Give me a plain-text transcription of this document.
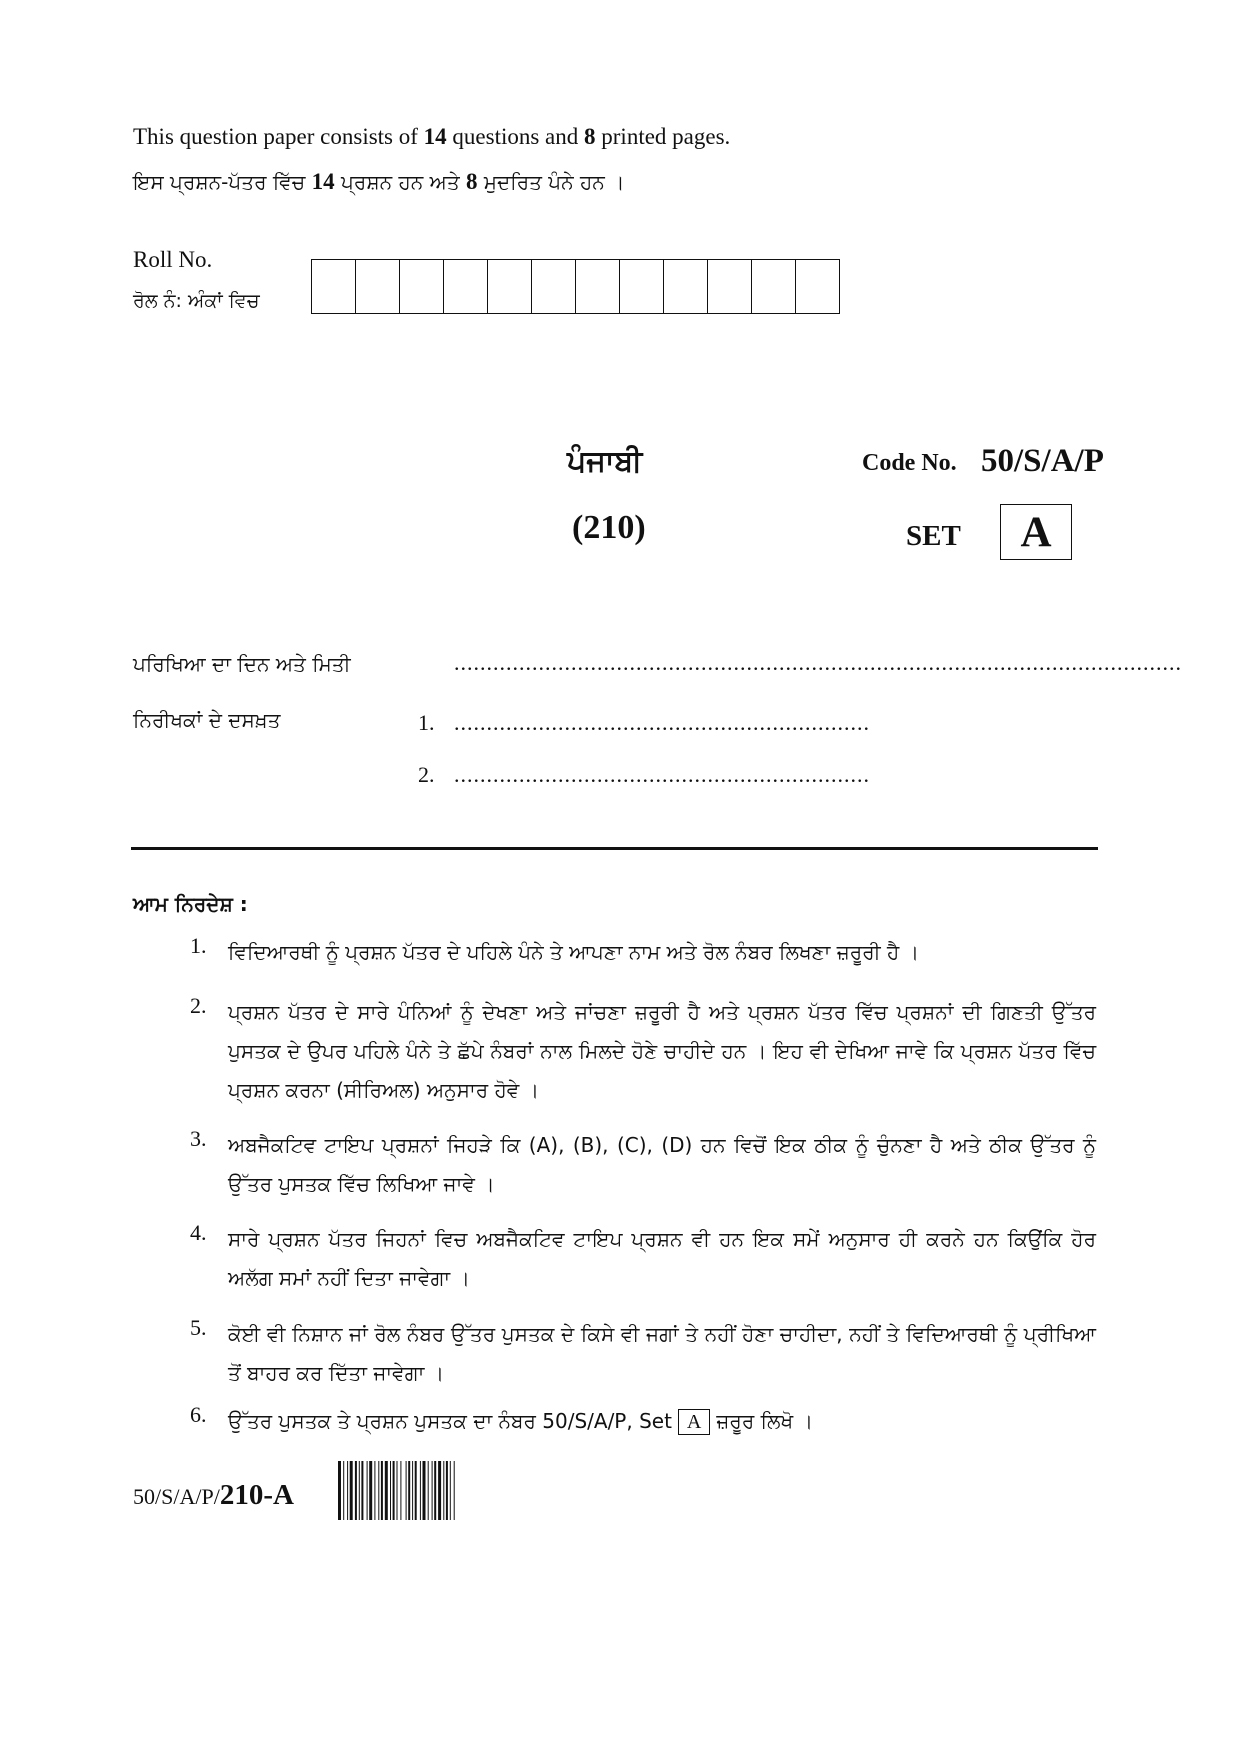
This question paper consists of 14 questions and 8 printed pages.
ਇਸ ਪ੍ਰਸ਼ਨ-ਪੱਤਰ ਵਿੱਚ 14 ਪ੍ਰਸ਼ਨ ਹਨ ਅਤੇ 8 ਮੁਦਰਿਤ ਪੰਨੇ ਹਨ ।
Roll No.
ਰੋਲ ਨੰ: ਅੰਕਾਂ ਵਿਚ
ਪੰਜਾਬੀ
(210)
Code No. 50/S/A/P
SET A
ਪਰਿਖਿਆ ਦਾ ਦਿਨ ਅਤੇ ਮਿਤੀ	................................................................................................................
ਨਿਰੀਖਕਾਂ ਦੇ ਦਸਖ਼ਤ	1. ................................................................
2. ................................................................
ਆਮ ਨਿਰਦੇਸ਼ :
1.	ਵਿਦਿਆਰਥੀ ਨੂੰ ਪ੍ਰਸ਼ਨ ਪੱਤਰ ਦੇ ਪਹਿਲੇ ਪੰਨੇ ਤੇ ਆਪਣਾ ਨਾਮ ਅਤੇ ਰੋਲ ਨੰਬਰ ਲਿਖਣਾ ਜ਼ਰੂਰੀ ਹੈ ।
2.	ਪ੍ਰਸ਼ਨ ਪੱਤਰ ਦੇ ਸਾਰੇ ਪੰਨਿਆਂ ਨੂੰ ਦੇਖਣਾ ਅਤੇ ਜਾਂਚਣਾ ਜ਼ਰੂਰੀ ਹੈ ਅਤੇ ਪ੍ਰਸ਼ਨ ਪੱਤਰ ਵਿੱਚ ਪ੍ਰਸ਼ਨਾਂ ਦੀ ਗਿਣਤੀ ਉੱਤਰ ਪੁਸਤਕ ਦੇ ਉਪਰ ਪਹਿਲੇ ਪੰਨੇ ਤੇ ਛੱਪੇ ਨੰਬਰਾਂ ਨਾਲ ਮਿਲਦੇ ਹੋਣੇ ਚਾਹੀਦੇ ਹਨ । ਇਹ ਵੀ ਦੇਖਿਆ ਜਾਵੇ ਕਿ ਪ੍ਰਸ਼ਨ ਪੱਤਰ ਵਿੱਚ ਪ੍ਰਸ਼ਨ ਕਰਨਾ (ਸੀਰਿਅਲ) ਅਨੁਸਾਰ ਹੋਵੇ ।
3.	ਅਬਜੈਕਟਿਵ ਟਾਇਪ ਪ੍ਰਸ਼ਨਾਂ ਜਿਹੜੇ ਕਿ (A), (B), (C), (D) ਹਨ ਵਿਚੋਂ ਇਕ ਠੀਕ ਨੂੰ ਚੁੰਨਣਾ ਹੈ ਅਤੇ ਠੀਕ ਉੱਤਰ ਨੂੰ ਉੱਤਰ ਪੁਸਤਕ ਵਿੱਚ ਲਿਖਿਆ ਜਾਵੇ ।
4.	ਸਾਰੇ ਪ੍ਰਸ਼ਨ ਪੱਤਰ ਜਿਹਨਾਂ ਵਿਚ ਅਬਜੈਕਟਿਵ ਟਾਇਪ ਪ੍ਰਸ਼ਨ ਵੀ ਹਨ ਇਕ ਸਮੇਂ ਅਨੁਸਾਰ ਹੀ ਕਰਨੇ ਹਨ ਕਿਉਂਕਿ ਹੋਰ ਅਲੱਗ ਸਮਾਂ ਨਹੀਂ ਦਿਤਾ ਜਾਵੇਗਾ ।
5.	ਕੋਈ ਵੀ ਨਿਸ਼ਾਨ ਜਾਂ ਰੋਲ ਨੰਬਰ ਉੱਤਰ ਪੁਸਤਕ ਦੇ ਕਿਸੇ ਵੀ ਜਗਾਂ ਤੇ ਨਹੀਂ ਹੋਣਾ ਚਾਹੀਦਾ, ਨਹੀਂ ਤੇ ਵਿਦਿਆਰਥੀ ਨੂੰ ਪ੍ਰੀਖਿਆ ਤੋਂ ਬਾਹਰ ਕਰ ਦਿੱਤਾ ਜਾਵੇਗਾ ।
6.	ਉੱਤਰ ਪੁਸਤਕ ਤੇ ਪ੍ਰਸ਼ਨ ਪੁਸਤਕ ਦਾ ਨੰਬਰ 50/S/A/P, Set A ਜ਼ਰੂਰ ਲਿਖੋ ।
50/S/A/P/210-A
